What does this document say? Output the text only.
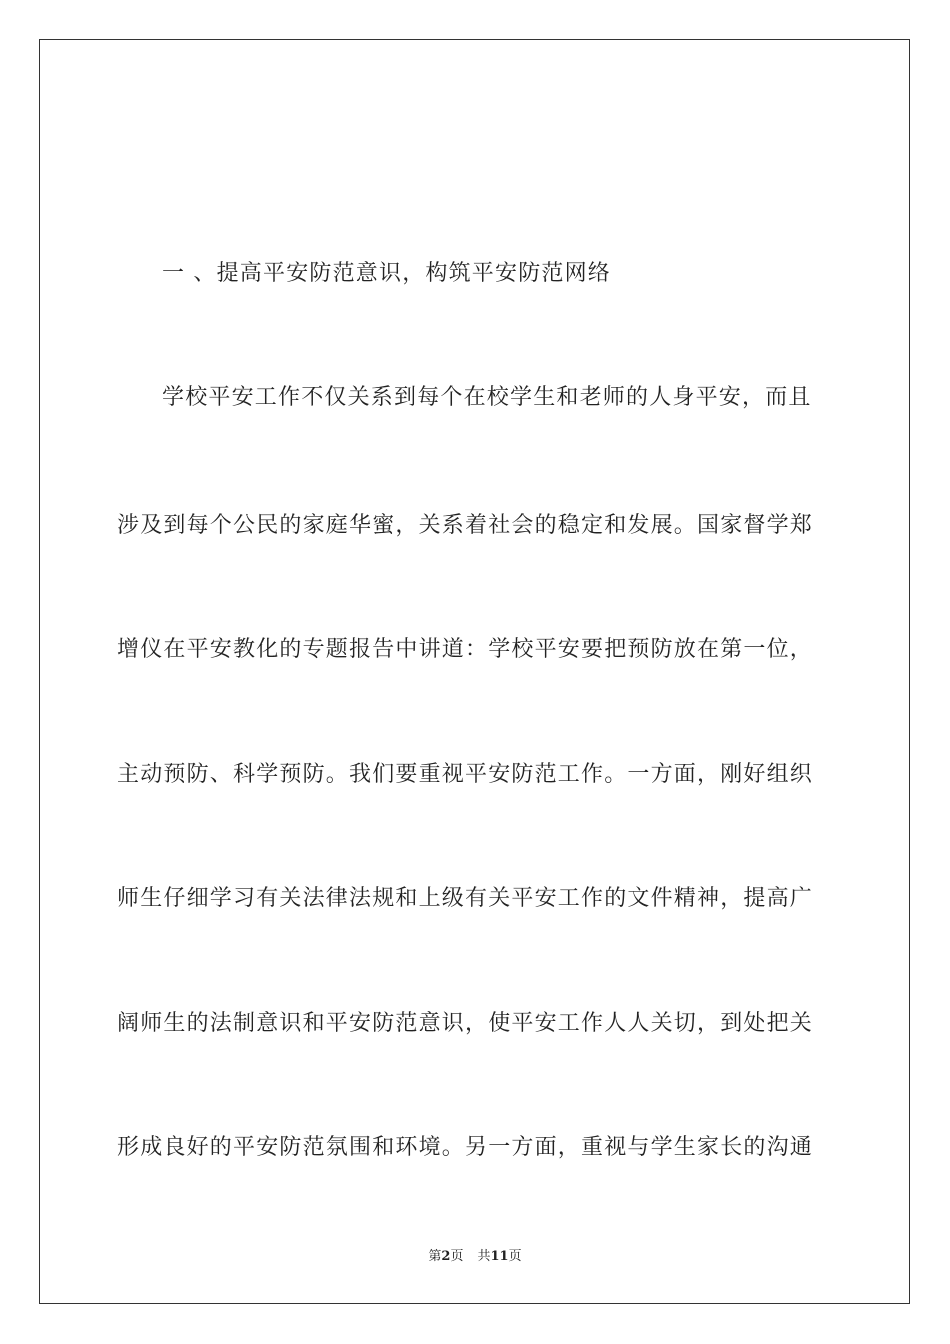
一 、提高平安防范意识，构筑平安防范网络
学校平安工作不仅关系到每个在校学生和老师的人身平安，而且
涉及到每个公民的家庭华蜜，关系着社会的稳定和发展。国家督学郑
增仪在平安教化的专题报告中讲道：学校平安要把预防放在第一位，
主动预防、科学预防。我们要重视平安防范工作。一方面，刚好组织
师生仔细学习有关法律法规和上级有关平安工作的文件精神，提高广
阔师生的法制意识和平安防范意识，使平安工作人人关切，到处把关
形成良好的平安防范氛围和环境。另一方面，重视与学生家长的沟通
第2页 共11页
